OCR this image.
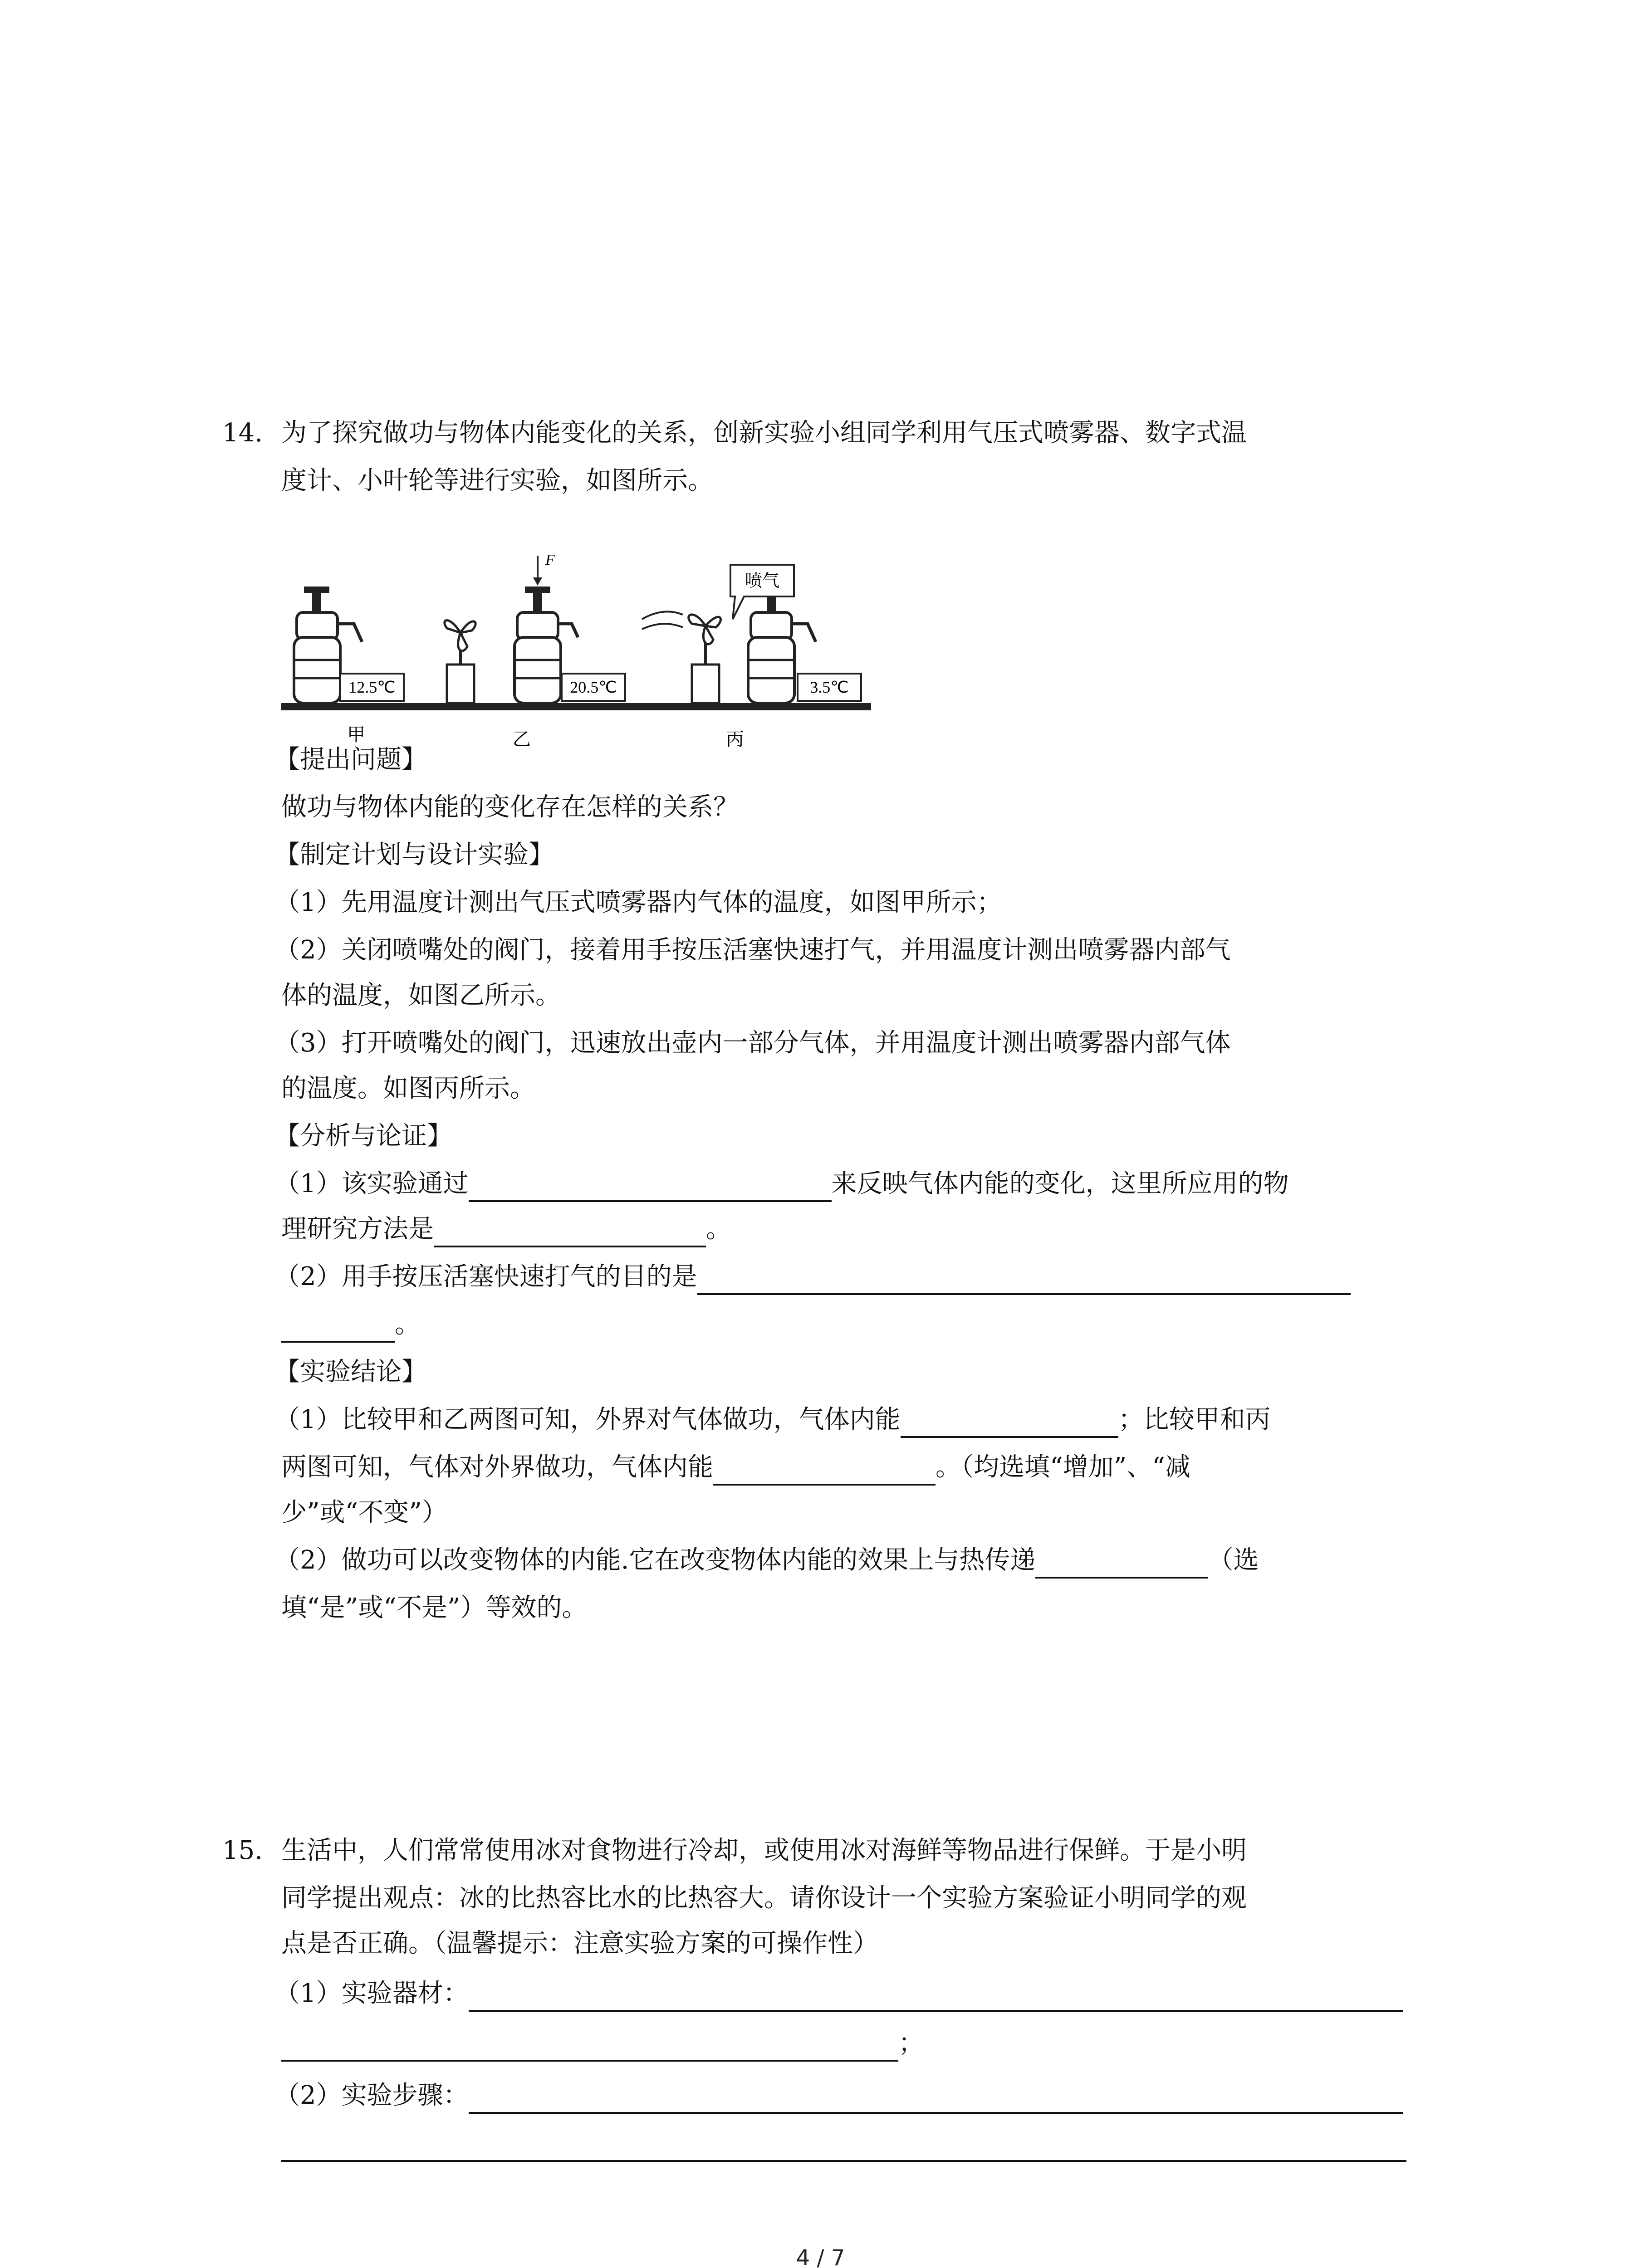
14. 为了探究做功与物体内能变化的关系，创新实验小组同学利用气压式喷雾器、数字式温
度计、小叶轮等进行实验，如图所示。
12.5℃
F
20.5℃
喷气
3.5℃
甲	乙	丙
【提出问题】
做功与物体内能的变化存在怎样的关系？
【制定计划与设计实验】
（1）先用温度计测出气压式喷雾器内气体的温度，如图甲所示；
（2）关闭喷嘴处的阀门，接着用手按压活塞快速打气，并用温度计测出喷雾器内部气
体的温度，如图乙所示。
（3）打开喷嘴处的阀门，迅速放出壶内一部分气体，并用温度计测出喷雾器内部气体
的温度。如图丙所示。
【分析与论证】
（1）该实验通过	来反映气体内能的变化，这里所应用的物
理研究方法是	。
（2）用手按压活塞快速打气的目的是
。
【实验结论】
（1）比较甲和乙两图可知，外界对气体做功，气体内能	；比较甲和丙
两图可知，气体对外界做功，气体内能	。（均选填“增加”、“减
少”或“不变”）
（2）做功可以改变物体的内能.它在改变物体内能的效果上与热传递	（选
填“是”或“不是”）等效的。
15. 生活中，人们常常使用冰对食物进行冷却，或使用冰对海鲜等物品进行保鲜。于是小明
同学提出观点：冰的比热容比水的比热容大。请你设计一个实验方案验证小明同学的观
点是否正确。（温馨提示：注意实验方案的可操作性）
（1）实验器材：
；
（2）实验步骤：
4 / 7
